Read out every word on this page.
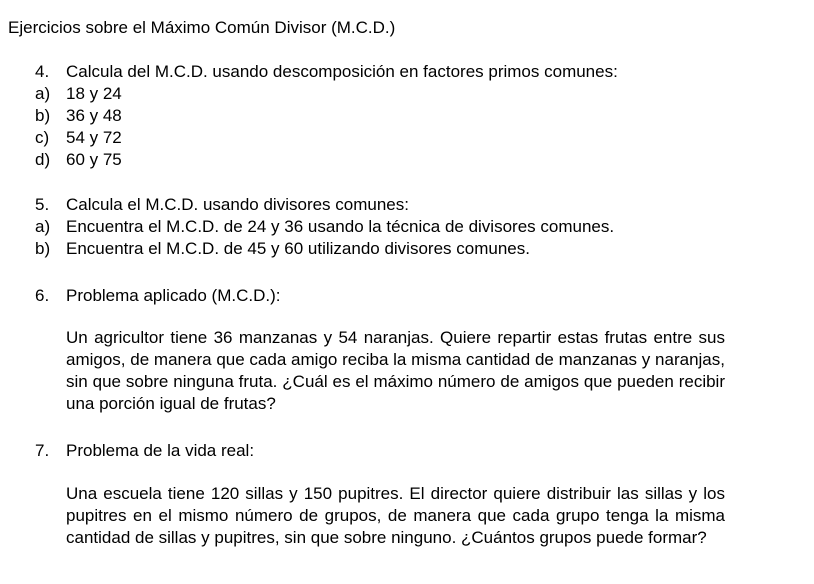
Ejercicios sobre el Máximo Común Divisor (M.C.D.)
4. Calcula del M.C.D. usando descomposición en factores primos comunes:
a) 18 y 24
b) 36 y 48
c) 54 y 72
d) 60 y 75
5. Calcula el M.C.D. usando divisores comunes:
a) Encuentra el M.C.D. de 24 y 36 usando la técnica de divisores comunes.
b) Encuentra el M.C.D. de 45 y 60 utilizando divisores comunes.
6. Problema aplicado (M.C.D.):
Un agricultor tiene 36 manzanas y 54 naranjas. Quiere repartir estas frutas entre sus amigos, de manera que cada amigo reciba la misma cantidad de manzanas y naranjas, sin que sobre ninguna fruta. ¿Cuál es el máximo número de amigos que pueden recibir una porción igual de frutas?
7. Problema de la vida real:
Una escuela tiene 120 sillas y 150 pupitres. El director quiere distribuir las sillas y los pupitres en el mismo número de grupos, de manera que cada grupo tenga la misma cantidad de sillas y pupitres, sin que sobre ninguno. ¿Cuántos grupos puede formar?
